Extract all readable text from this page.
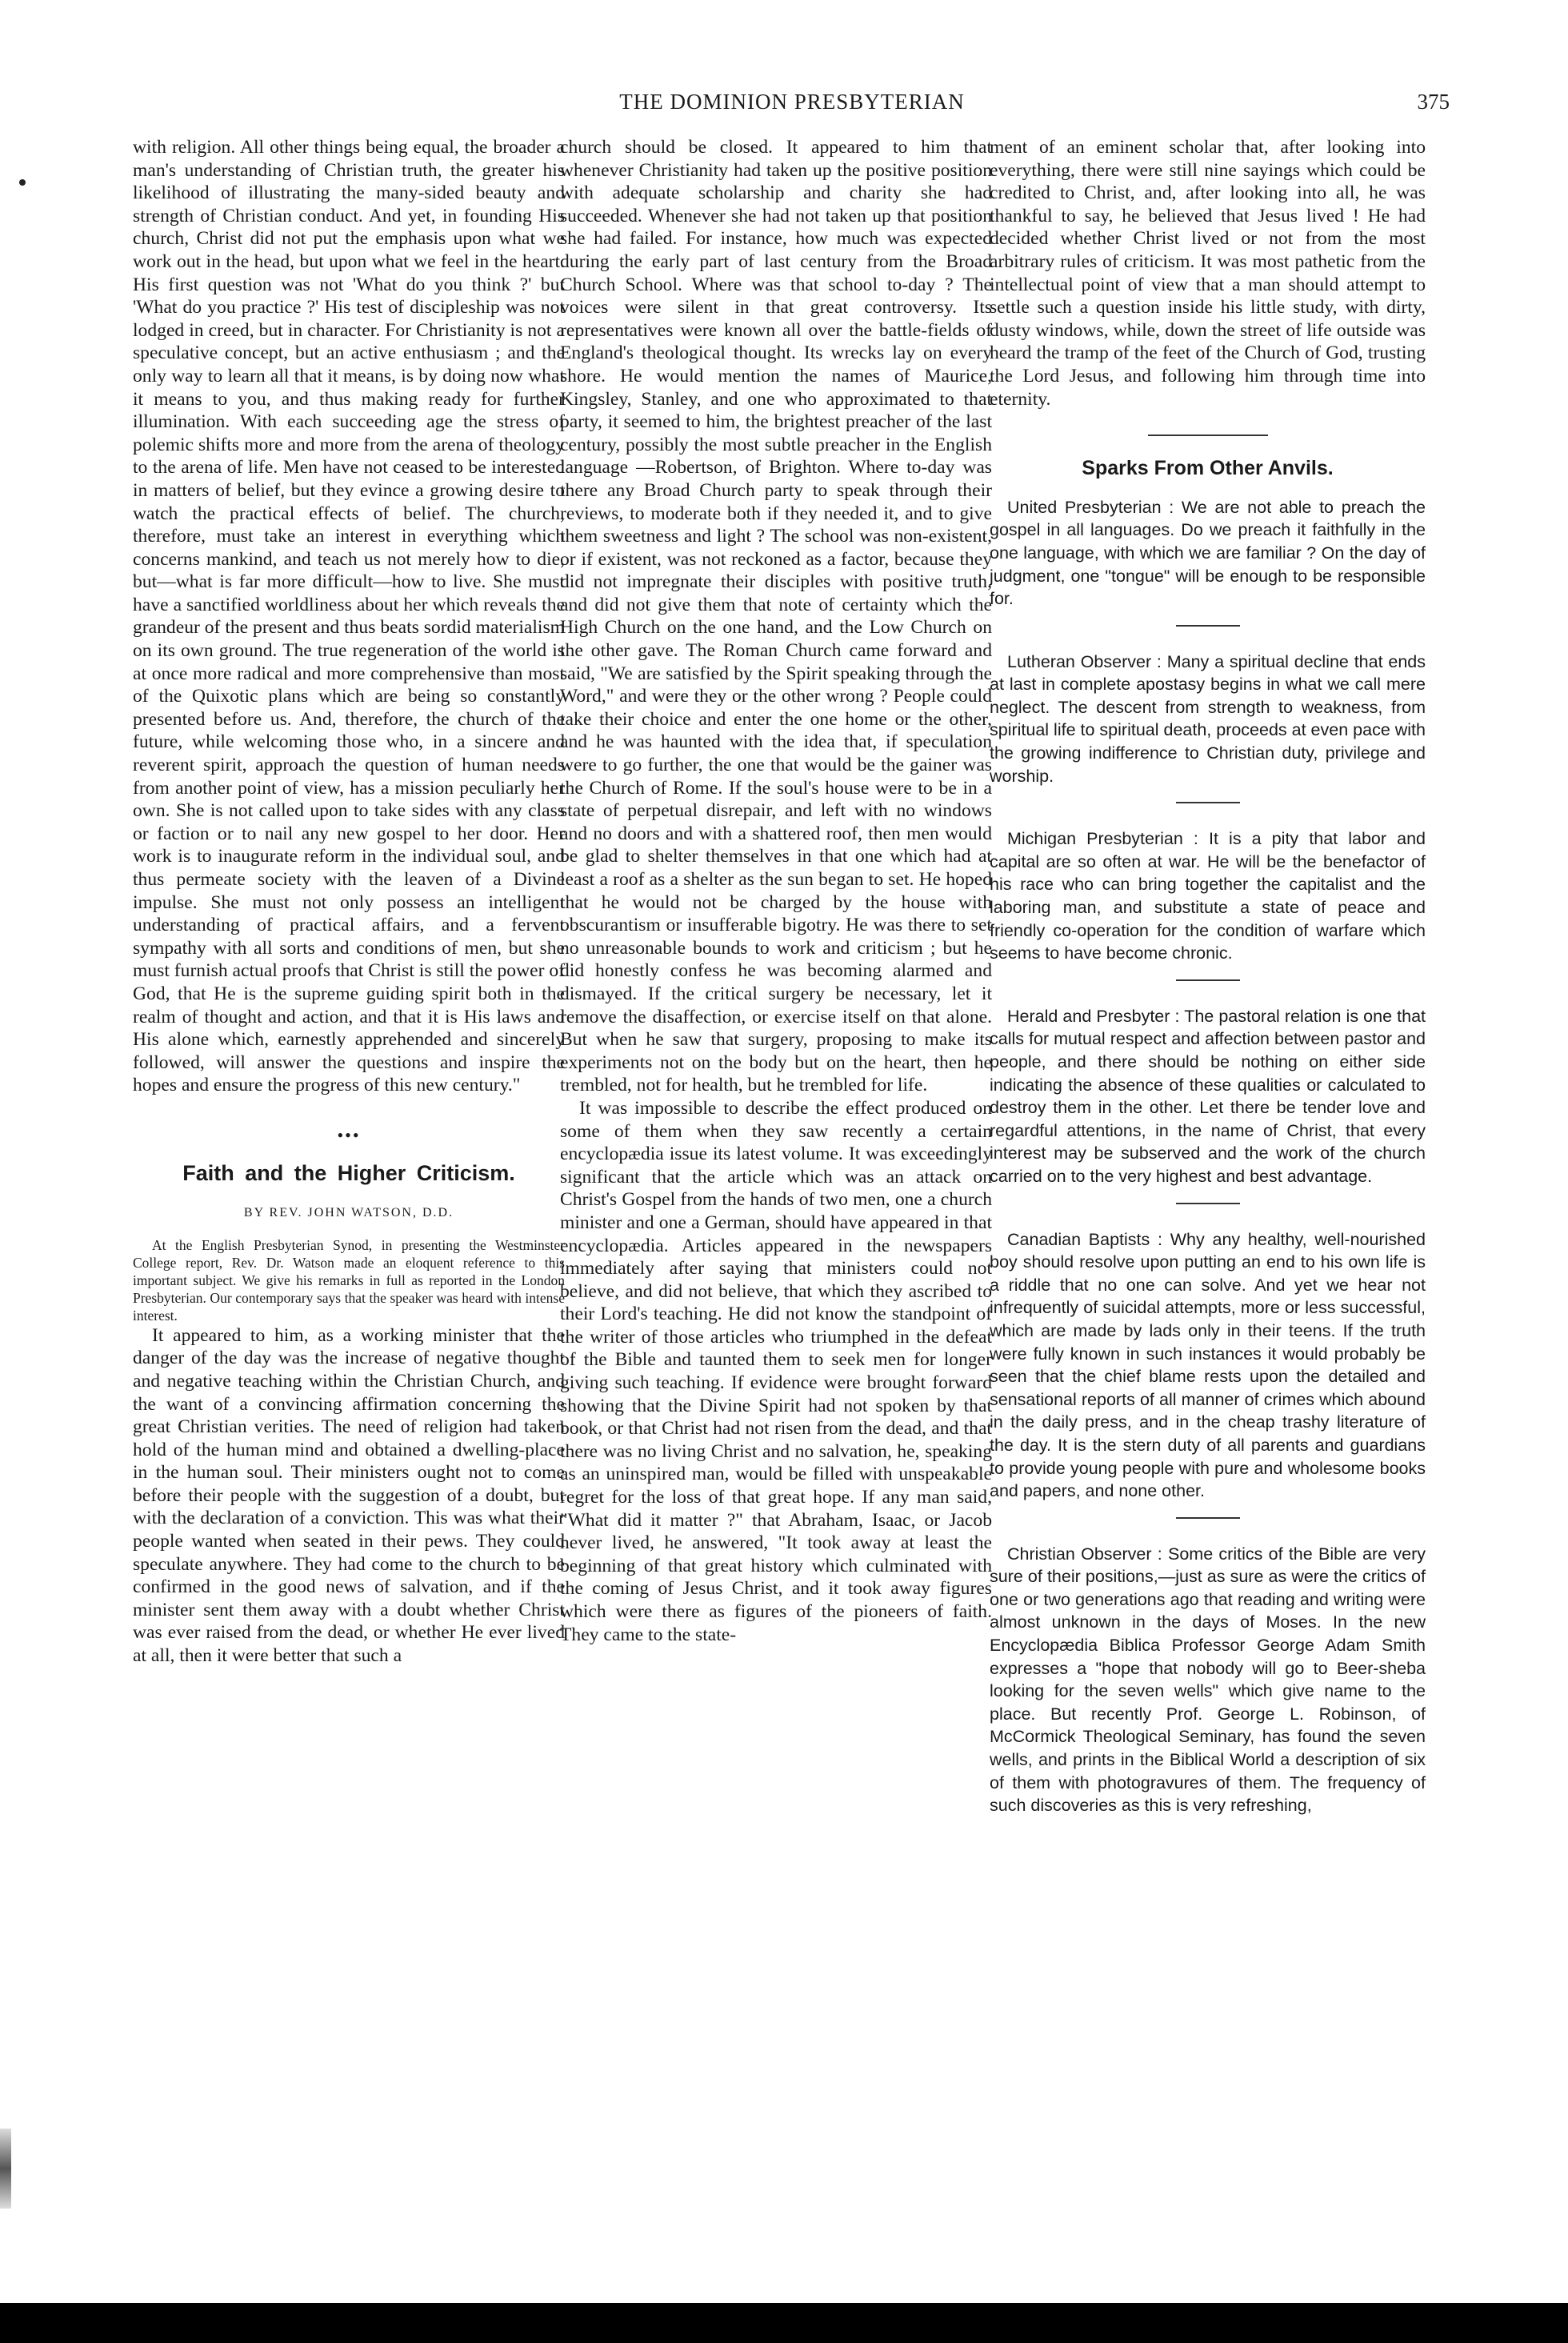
THE DOMINION PRESBYTERIAN	375

with religion. All other things being equal, the broader a man's understanding of Christian truth, the greater his likelihood of illustrating the many-sided beauty and strength of Christian conduct. And yet, in founding His church, Christ did not put the emphasis upon what we work out in the head, but upon what we feel in the heart. His first question was not 'What do you think ?' but 'What do you practice ?' His test of discipleship was not lodged in creed, but in character. For Christianity is not a speculative concept, but an active enthusiasm ; and the only way to learn all that it means, is by doing now what it means to you, and thus making ready for further illumination. With each succeeding age the stress of polemic shifts more and more from the arena of theology to the arena of life. Men have not ceased to be interested in matters of belief, but they evince a growing desire to watch the practical effects of belief. The church, therefore, must take an interest in everything which concerns mankind, and teach us not merely how to die, but—what is far more difficult—how to live. She must have a sanctified worldliness about her which reveals the grandeur of the present and thus beats sordid materialism on its own ground. The true regeneration of the world is at once more radical and more comprehensive than most of the Quixotic plans which are being so constantly presented before us. And, therefore, the church of the future, while welcoming those who, in a sincere and reverent spirit, approach the question of human needs from another point of view, has a mission peculiarly her own. She is not called upon to take sides with any class or faction or to nail any new gospel to her door. Her work is to inaugurate reform in the individual soul, and thus permeate society with the leaven of a Divine impulse. She must not only possess an intelligent understanding of practical affairs, and a fervent sympathy with all sorts and conditions of men, but she must furnish actual proofs that Christ is still the power of God, that He is the supreme guiding spirit both in the realm of thought and action, and that it is His laws and His alone which, earnestly apprehended and sincerely followed, will answer the questions and inspire the hopes and ensure the progress of this new century."

•••
Faith and the Higher Criticism.
BY REV. JOHN WATSON, D.D.

At the English Presbyterian Synod, in presenting the Westminster College report, Rev. Dr. Watson made an eloquent reference to this important subject. We give his remarks in full as reported in the London Presbyterian. Our contemporary says that the speaker was heard with intense interest.

It appeared to him, as a working minister that the danger of the day was the increase of negative thought and negative teaching within the Christian Church, and the want of a convincing affirmation concerning the great Christian verities. The need of religion had taken hold of the human mind and obtained a dwelling-place in the human soul. Their ministers ought not to come before their people with the suggestion of a doubt, but with the declaration of a conviction. This was what their people wanted when seated in their pews. They could speculate anywhere. They had come to the church to be confirmed in the good news of salvation, and if the minister sent them away with a doubt whether Christ was ever raised from the dead, or whether He ever lived at all, then it were better that such a

church should be closed. It appeared to him that whenever Christianity had taken up the positive position with adequate scholarship and charity she had succeeded. Whenever she had not taken up that position she had failed. For instance, how much was expected during the early part of last century from the Broad Church School. Where was that school to-day ? The voices were silent in that great controversy. Its representatives were known all over the battle-fields of England's theological thought. Its wrecks lay on every shore. He would mention the names of Maurice, Kingsley, Stanley, and one who approximated to that party, it seemed to him, the brightest preacher of the last century, possibly the most subtle preacher in the English language —Robertson, of Brighton. Where to-day was there any Broad Church party to speak through their reviews, to moderate both if they needed it, and to give them sweetness and light ? The school was non-existent, or if existent, was not reckoned as a factor, because they did not impregnate their disciples with positive truth, and did not give them that note of certainty which the High Church on the one hand, and the Low Church on the other gave. The Roman Church came forward and said, "We are satisfied by the Spirit speaking through the Word," and were they or the other wrong ? People could take their choice and enter the one home or the other, and he was haunted with the idea that, if speculation were to go further, the one that would be the gainer was the Church of Rome. If the soul's house were to be in a state of perpetual disrepair, and left with no windows and no doors and with a shattered roof, then men would be glad to shelter themselves in that one which had at least a roof as a shelter as the sun began to set. He hoped that he would not be charged by the house with obscurantism or insufferable bigotry. He was there to set no unreasonable bounds to work and criticism ; but he did honestly confess he was becoming alarmed and dismayed. If the critical surgery be necessary, let it remove the disaffection, or exercise itself on that alone. But when he saw that surgery, proposing to make its experiments not on the body but on the heart, then he trembled, not for health, but he trembled for life.

It was impossible to describe the effect produced on some of them when they saw recently a certain encyclopædia issue its latest volume. It was exceedingly significant that the article which was an attack on Christ's Gospel from the hands of two men, one a church minister and one a German, should have appeared in that encyclopædia. Articles appeared in the newspapers immediately after saying that ministers could not believe, and did not believe, that which they ascribed to their Lord's teaching. He did not know the standpoint of the writer of those articles who triumphed in the defeat of the Bible and taunted them to seek men for longer giving such teaching. If evidence were brought forward showing that the Divine Spirit had not spoken by that book, or that Christ had not risen from the dead, and that there was no living Christ and no salvation, he, speaking as an uninspired man, would be filled with unspeakable regret for the loss of that great hope. If any man said, "What did it matter ?" that Abraham, Isaac, or Jacob never lived, he answered, "It took away at least the beginning of that great history which culminated with the coming of Jesus Christ, and it took away figures which were there as figures of the pioneers of faith. They came to the state-

ment of an eminent scholar that, after looking into everything, there were still nine sayings which could be credited to Christ, and, after looking into all, he was thankful to say, he believed that Jesus lived ! He had decided whether Christ lived or not from the most arbitrary rules of criticism. It was most pathetic from the intellectual point of view that a man should attempt to settle such a question inside his little study, with dirty, dusty windows, while, down the street of life outside was heard the tramp of the feet of the Church of God, trusting the Lord Jesus, and following him through time into eternity.

Sparks From Other Anvils.

United Presbyterian : We are not able to preach the gospel in all languages. Do we preach it faithfully in the one language, with which we are familiar ? On the day of judgment, one "tongue" will be enough to be responsible for.

Lutheran Observer : Many a spiritual decline that ends at last in complete apostasy begins in what we call mere neglect. The descent from strength to weakness, from spiritual life to spiritual death, proceeds at even pace with the growing indifference to Christian duty, privilege and worship.

Michigan Presbyterian : It is a pity that labor and capital are so often at war. He will be the benefactor of his race who can bring together the capitalist and the laboring man, and substitute a state of peace and friendly co-operation for the condition of warfare which seems to have become chronic.

Herald and Presbyter : The pastoral relation is one that calls for mutual respect and affection between pastor and people, and there should be nothing on either side indicating the absence of these qualities or calculated to destroy them in the other. Let there be tender love and regardful attentions, in the name of Christ, that every interest may be subserved and the work of the church carried on to the very highest and best advantage.

Canadian Baptists : Why any healthy, well-nourished boy should resolve upon putting an end to his own life is a riddle that no one can solve. And yet we hear not infrequently of suicidal attempts, more or less successful, which are made by lads only in their teens. If the truth were fully known in such instances it would probably be seen that the chief blame rests upon the detailed and sensational reports of all manner of crimes which abound in the daily press, and in the cheap trashy literature of the day. It is the stern duty of all parents and guardians to provide young people with pure and wholesome books and papers, and none other.

Christian Observer : Some critics of the Bible are very sure of their positions,—just as sure as were the critics of one or two generations ago that reading and writing were almost unknown in the days of Moses. In the new Encyclopædia Biblica Professor George Adam Smith expresses a "hope that nobody will go to Beer-sheba looking for the seven wells" which give name to the place. But recently Prof. George L. Robinson, of McCormick Theological Seminary, has found the seven wells, and prints in the Biblical World a description of six of them with photogravures of them. The frequency of such discoveries as this is very refreshing,
